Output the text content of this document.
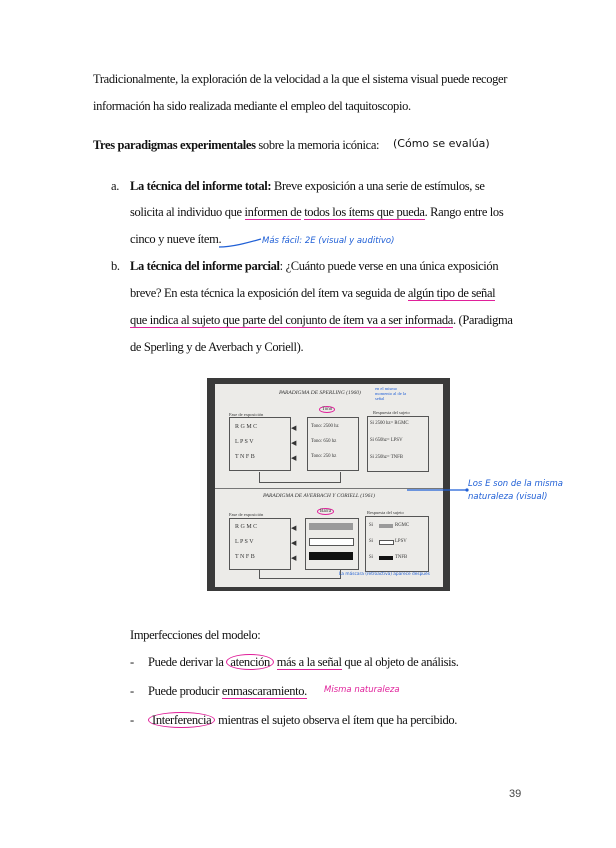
Tradicionalmente, la exploración de la velocidad a la que el sistema visual puede recoger
información ha sido realizada mediante el empleo del taquitoscopio.
Tres paradigmas experimentales sobre la memoria icónica: (Cómo se evalúa)
a. La técnica del informe total: Breve exposición a una serie de estímulos, se
solicita al individuo que informen de todos los ítems que pueda. Rango entre los
cinco y nueve ítem.	Más fácil: 2E (visual y auditivo)
b. La técnica del informe parcial: ¿Cuánto puede verse en una única exposición
breve? En esta técnica la exposición del ítem va seguida de algún tipo de señal
que indica al sujeto que parte del conjunto de ítem va a ser informada. (Paradigma
de Sperling y de Averbach y Coriell).
PARADIGMA DE SPERLING (1960)
en el mismo momento al de la señal
Fase de exposición
Tono
Respuesta del sujeto
R G M C
L P S V
T N F B
◀
◀
◀
Tono: 2500 hz
Tono: 650 hz
Tono: 250 hz
Si 2500 hz= RGMC
Si 650hz= LPSV
Si 250hz= TNFB
PARADIGMA DE AVERBACH Y CORIELL (1961)
Fase de exposición
Barra	Respuesta del sujeto
R G M C
L P S V
T N F B
◀
◀
◀
Si	RGMC
Si	LPSV
Si	TNFB
La máscara (retroactiva) aparece después
Los E son de la misma naturaleza (visual)
Imperfecciones del modelo:
- Puede derivar la atención más a la señal que al objeto de análisis.
- Puede producir enmascaramiento. Misma naturaleza
-	Interferencia mientras el sujeto observa el ítem que ha percibido.
39
